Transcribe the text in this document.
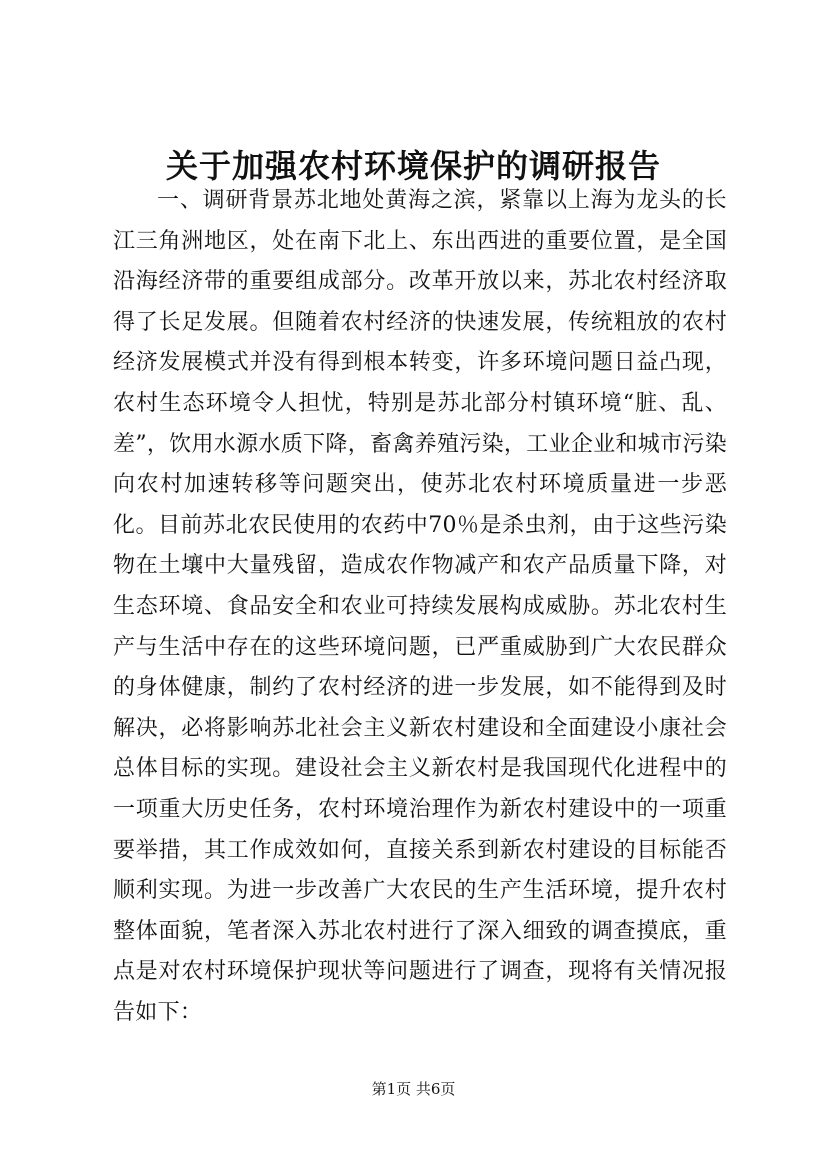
关于加强农村环境保护的调研报告

一、调研背景苏北地处黄海之滨，紧靠以上海为龙头的长江三角洲地区，处在南下北上、东出西进的重要位置，是全国沿海经济带的重要组成部分。改革开放以来，苏北农村经济取得了长足发展。但随着农村经济的快速发展，传统粗放的农村经济发展模式并没有得到根本转变，许多环境问题日益凸现，农村生态环境令人担忧，特别是苏北部分村镇环境“脏、乱、差”，饮用水源水质下降，畜禽养殖污染，工业企业和城市污染向农村加速转移等问题突出，使苏北农村环境质量进一步恶化。目前苏北农民使用的农药中70％是杀虫剂，由于这些污染物在土壤中大量残留，造成农作物减产和农产品质量下降，对生态环境、食品安全和农业可持续发展构成威胁。苏北农村生产与生活中存在的这些环境问题，已严重威胁到广大农民群众的身体健康，制约了农村经济的进一步发展，如不能得到及时解决，必将影响苏北社会主义新农村建设和全面建设小康社会总体目标的实现。建设社会主义新农村是我国现代化进程中的一项重大历史任务，农村环境治理作为新农村建设中的一项重要举措，其工作成效如何，直接关系到新农村建设的目标能否顺利实现。为进一步改善广大农民的生产生活环境，提升农村整体面貌，笔者深入苏北农村进行了深入细致的调查摸底，重点是对农村环境保护现状等问题进行了调查，现将有关情况报告如下：

第1页 共6页
